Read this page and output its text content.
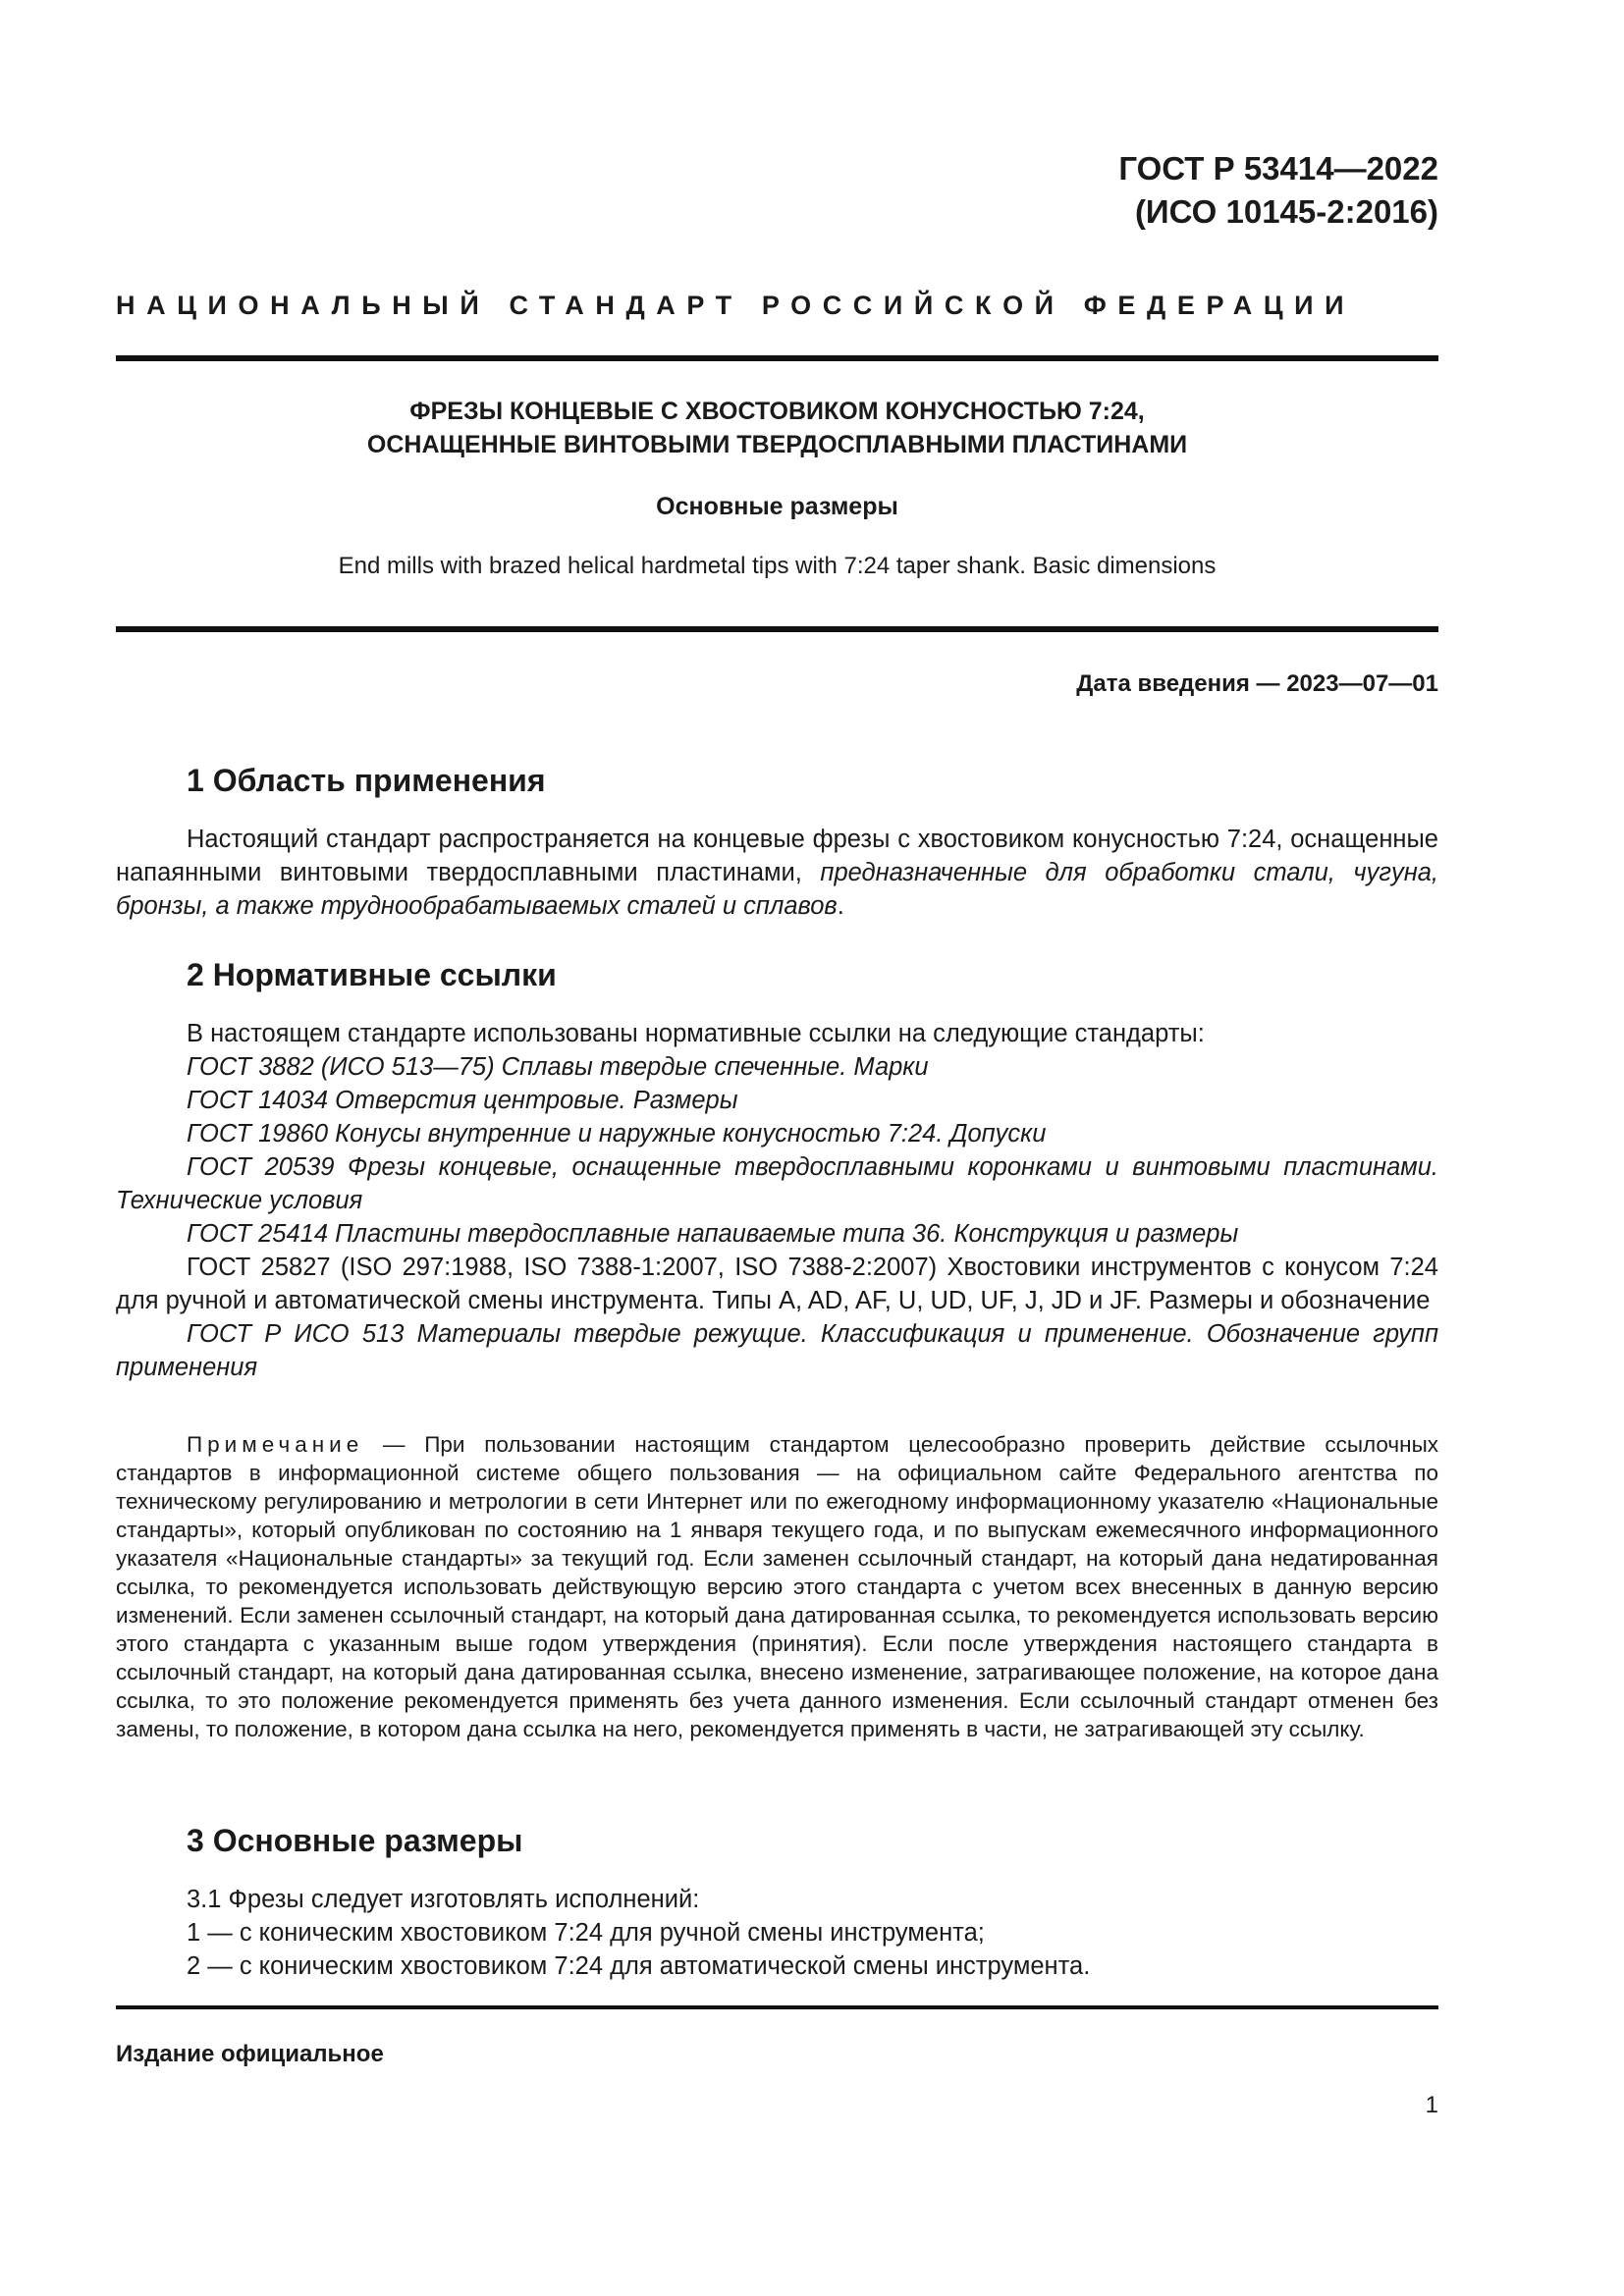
ГОСТ Р 53414—2022
(ИСО 10145-2:2016)
НАЦИОНАЛЬНЫЙ СТАНДАРТ РОССИЙСКОЙ ФЕДЕРАЦИИ
ФРЕЗЫ КОНЦЕВЫЕ С ХВОСТОВИКОМ КОНУСНОСТЬЮ 7:24,
ОСНАЩЕННЫЕ ВИНТОВЫМИ ТВЕРДОСПЛАВНЫМИ ПЛАСТИНАМИ
Основные размеры
End mills with brazed helical hardmetal tips with 7:24 taper shank. Basic dimensions
Дата введения — 2023—07—01
1 Область применения
Настоящий стандарт распространяется на концевые фрезы с хвостовиком конусностью 7:24, оснащенные напаянными винтовыми твердосплавными пластинами, предназначенные для обработки стали, чугуна, бронзы, а также труднообрабатываемых сталей и сплавов.
2 Нормативные ссылки

В настоящем стандарте использованы нормативные ссылки на следующие стандарты:

ГОСТ 3882 (ИСО 513—75) Сплавы твердые спеченные. Марки

ГОСТ 14034 Отверстия центровые. Размеры

ГОСТ 19860 Конусы внутренние и наружные конусностью 7:24. Допуски

ГОСТ 20539 Фрезы концевые, оснащенные твердосплавными коронками и винтовыми пластинами. Технические условия

ГОСТ 25414 Пластины твердосплавные напаиваемые типа 36. Конструкция и размеры

ГОСТ 25827 (ISO 297:1988, ISO 7388-1:2007, ISO 7388-2:2007) Хвостовики инструментов с конусом 7:24 для ручной и автоматической смены инструмента. Типы A, AD, AF, U, UD, UF, J, JD и JF. Размеры и обозначение

ГОСТ Р ИСО 513 Материалы твердые режущие. Классификация и применение. Обозначение групп применения

Примечание — При пользовании настоящим стандартом целесообразно проверить действие ссылочных стандартов в информационной системе общего пользования — на официальном сайте Федерального агентства по техническому регулированию и метрологии в сети Интернет или по ежегодному информационному указателю «Национальные стандарты», который опубликован по состоянию на 1 января текущего года, и по выпускам ежемесячного информационного указателя «Национальные стандарты» за текущий год. Если заменен ссылочный стандарт, на который дана недатированная ссылка, то рекомендуется использовать действующую версию этого стандарта с учетом всех внесенных в данную версию изменений. Если заменен ссылочный стандарт, на который дана датированная ссылка, то рекомендуется использовать версию этого стандарта с указанным выше годом утверждения (принятия). Если после утверждения настоящего стандарта в ссылочный стандарт, на который дана датированная ссылка, внесено изменение, затрагивающее положение, на которое дана ссылка, то это положение рекомендуется применять без учета данного изменения. Если ссылочный стандарт отменен без замены, то положение, в котором дана ссылка на него, рекомендуется применять в части, не затрагивающей эту ссылку.
3 Основные размеры

3.1 Фрезы следует изготовлять исполнений:

1 — с коническим хвостовиком 7:24 для ручной смены инструмента;

2 — с коническим хвостовиком 7:24 для автоматической смены инструмента.

Издание официальное
1
